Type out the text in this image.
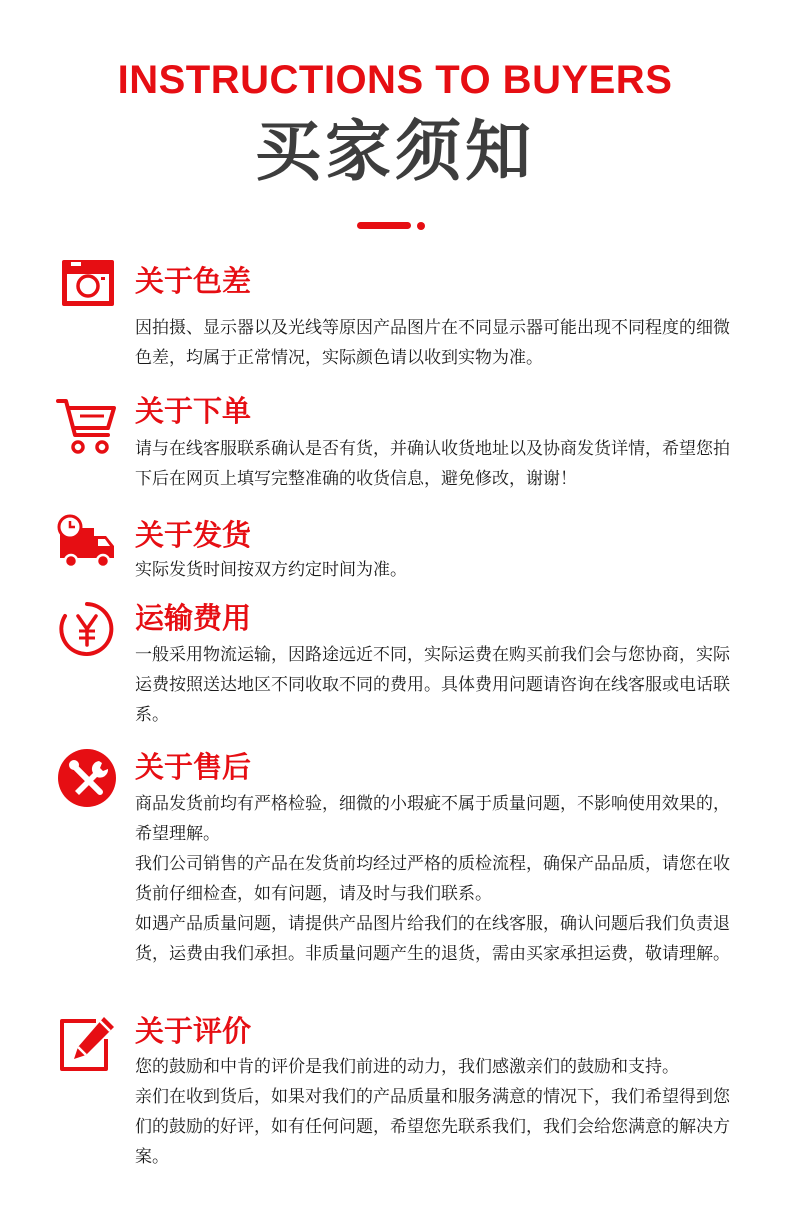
INSTRUCTIONS TO BUYERS
买家须知
关于色差

因拍摄、显示器以及光线等原因产品图片在不同显示器可能出现不同程度的细微色差，均属于正常情况，实际颜色请以收到实物为准。

关于下单

请与在线客服联系确认是否有货，并确认收货地址以及协商发货详情，希望您拍下后在网页上填写完整准确的收货信息，避免修改，谢谢！

关于发货

实际发货时间按双方约定时间为准。

运输费用

一般采用物流运输，因路途远近不同，实际运费在购买前我们会与您协商，实际运费按照送达地区不同收取不同的费用。具体费用问题请咨询在线客服或电话联系。

关于售后

商品发货前均有严格检验，细微的小瑕疵不属于质量问题，不影响使用效果的，希望理解。

我们公司销售的产品在发货前均经过严格的质检流程，确保产品品质，请您在收货前仔细检查，如有问题，请及时与我们联系。

如遇产品质量问题，请提供产品图片给我们的在线客服，确认问题后我们负责退货，运费由我们承担。非质量问题产生的退货，需由买家承担运费，敬请理解。

关于评价

您的鼓励和中肯的评价是我们前进的动力，我们感激亲们的鼓励和支持。

亲们在收到货后，如果对我们的产品质量和服务满意的情况下，我们希望得到您们的鼓励的好评，如有任何问题，希望您先联系我们，我们会给您满意的解决方案。
